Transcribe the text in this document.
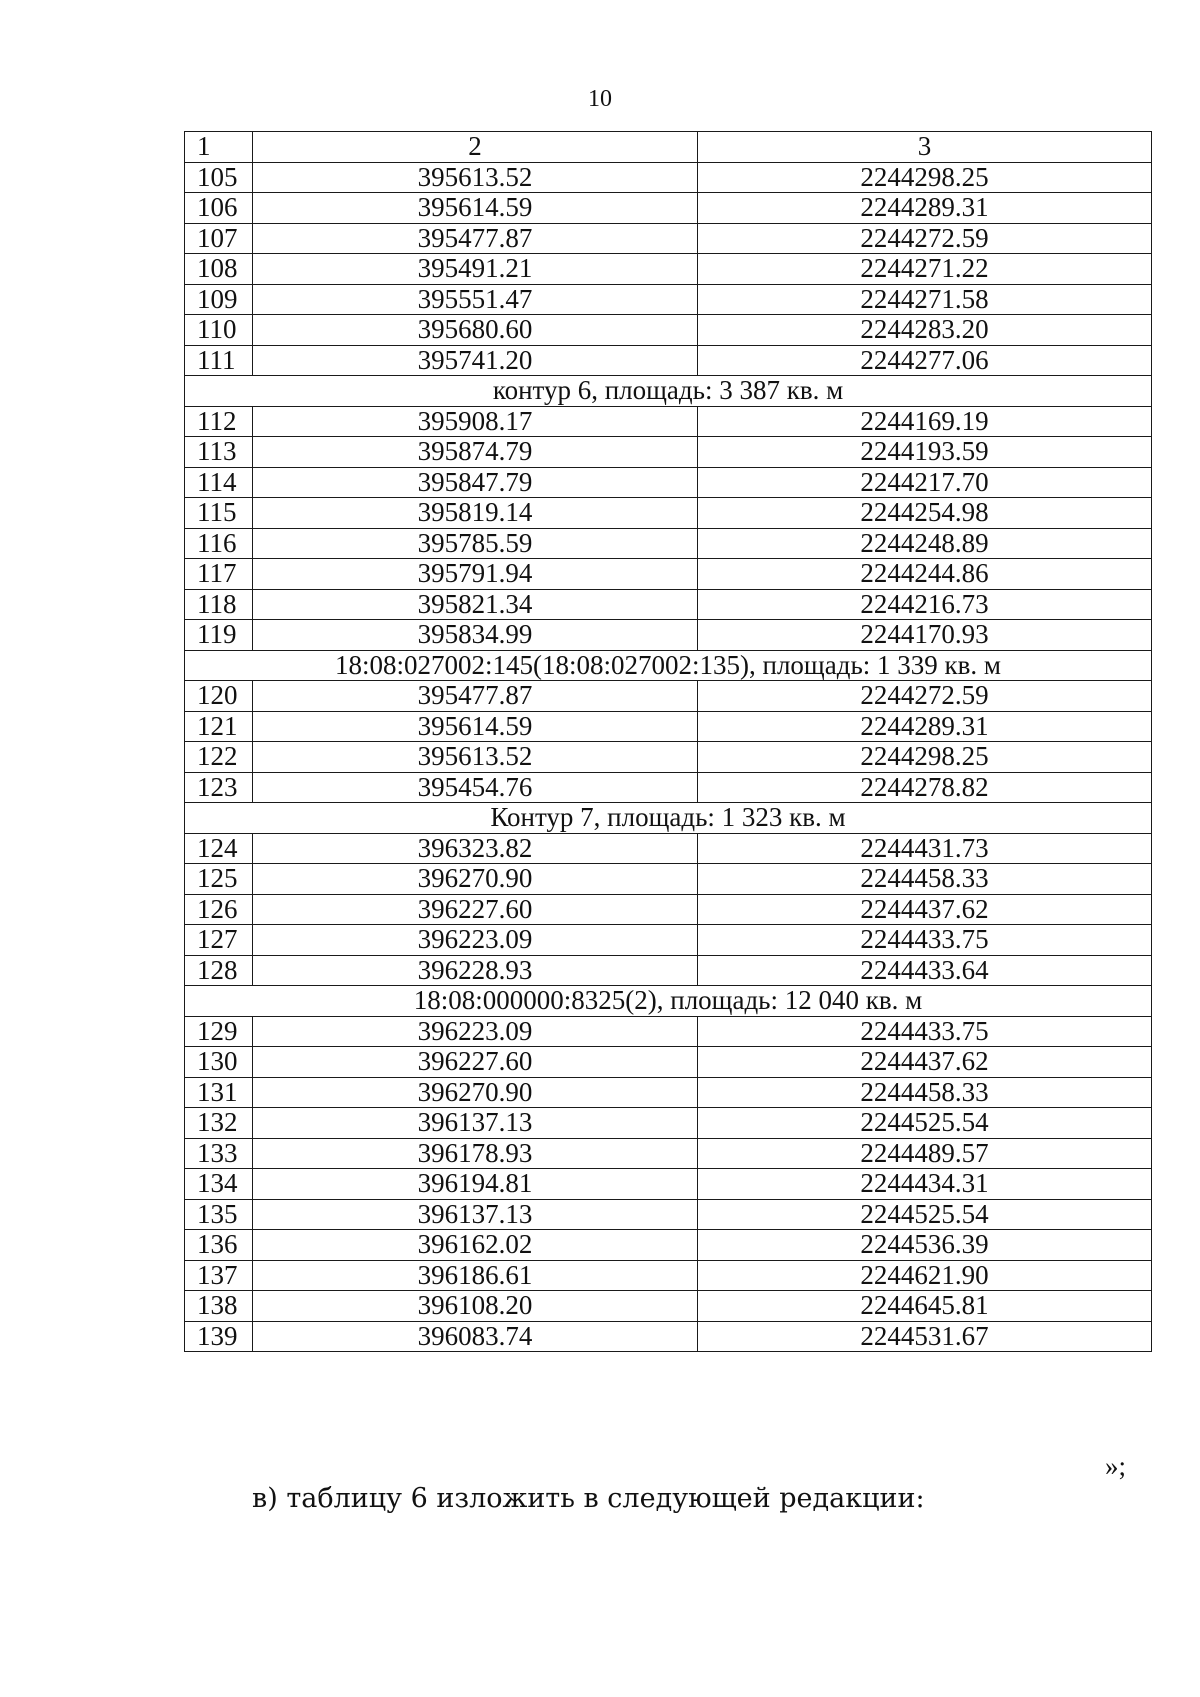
10
1	2	3
105	395613.52	2244298.25
106	395614.59	2244289.31
107	395477.87	2244272.59
108	395491.21	2244271.22
109	395551.47	2244271.58
110	395680.60	2244283.20
111	395741.20	2244277.06
контур 6, площадь: 3 387 кв. м		
112	395908.17	2244169.19
113	395874.79	2244193.59
114	395847.79	2244217.70
115	395819.14	2244254.98
116	395785.59	2244248.89
117	395791.94	2244244.86
118	395821.34	2244216.73
119	395834.99	2244170.93
18:08:027002:145(18:08:027002:135), площадь: 1 339 кв. м		
120	395477.87	2244272.59
121	395614.59	2244289.31
122	395613.52	2244298.25
123	395454.76	2244278.82
Контур 7, площадь: 1 323 кв. м		
124	396323.82	2244431.73
125	396270.90	2244458.33
126	396227.60	2244437.62
127	396223.09	2244433.75
128	396228.93	2244433.64
18:08:000000:8325(2), площадь: 12 040 кв. м		
129	396223.09	2244433.75
130	396227.60	2244437.62
131	396270.90	2244458.33
132	396137.13	2244525.54
133	396178.93	2244489.57
134	396194.81	2244434.31
135	396137.13	2244525.54
136	396162.02	2244536.39
137	396186.61	2244621.90
138	396108.20	2244645.81
139	396083.74	2244531.67
»;
в) таблицу 6 изложить в следующей редакции:
